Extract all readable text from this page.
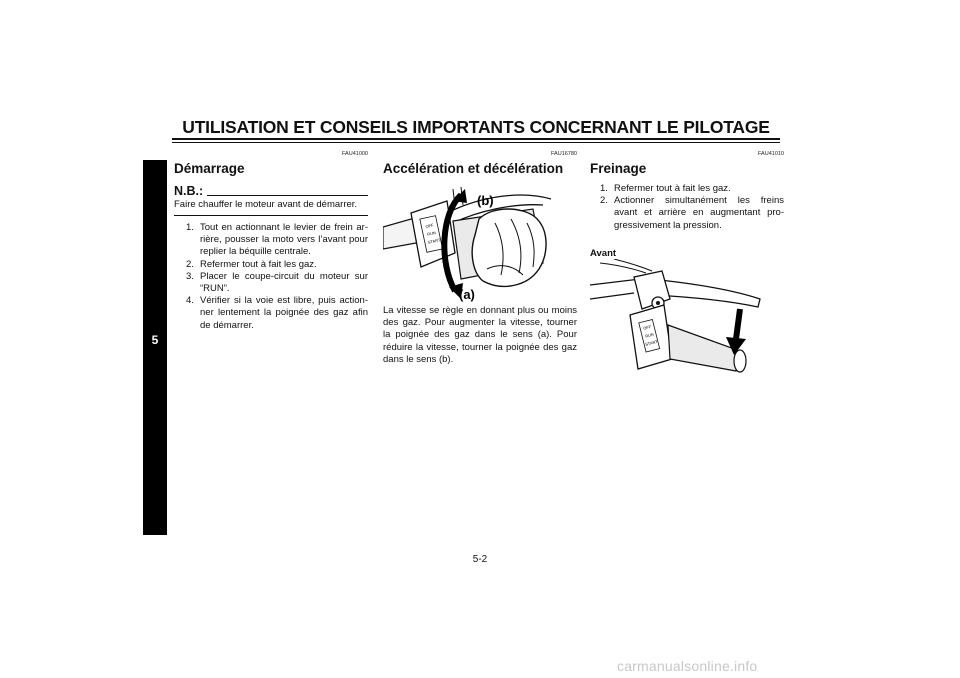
UTILISATION ET CONSEILS IMPORTANTS CONCERNANT LE PILOTAGE
5
FAU41000
Démarrage
N.B.:
Faire chauffer le moteur avant de démarrer.
1. Tout en actionnant le levier de frein arrière, pousser la moto vers l’avant pour replier la béquille centrale.
2. Refermer tout à fait les gaz.
3. Placer le coupe-circuit du moteur sur “RUN”.
4. Vérifier si la voie est libre, puis actionner lentement la poignée des gaz afin de démarrer.
FAU16780
Accélération et décélération
OFF
RUN
START
(b)
(a)

La vitesse se règle en donnant plus ou moins des gaz. Pour augmenter la vitesse, tourner la poignée des gaz dans le sens (a). Pour réduire la vitesse, tourner la poignée des gaz dans le sens (b).

FAU41010
Freinage
1. Refermer tout à fait les gaz.
2. Actionner simultanément les freins avant et arrière en augmentant progressivement la pression.
Avant
OFF
RUN
START
5-2
carmanualsonline.info
